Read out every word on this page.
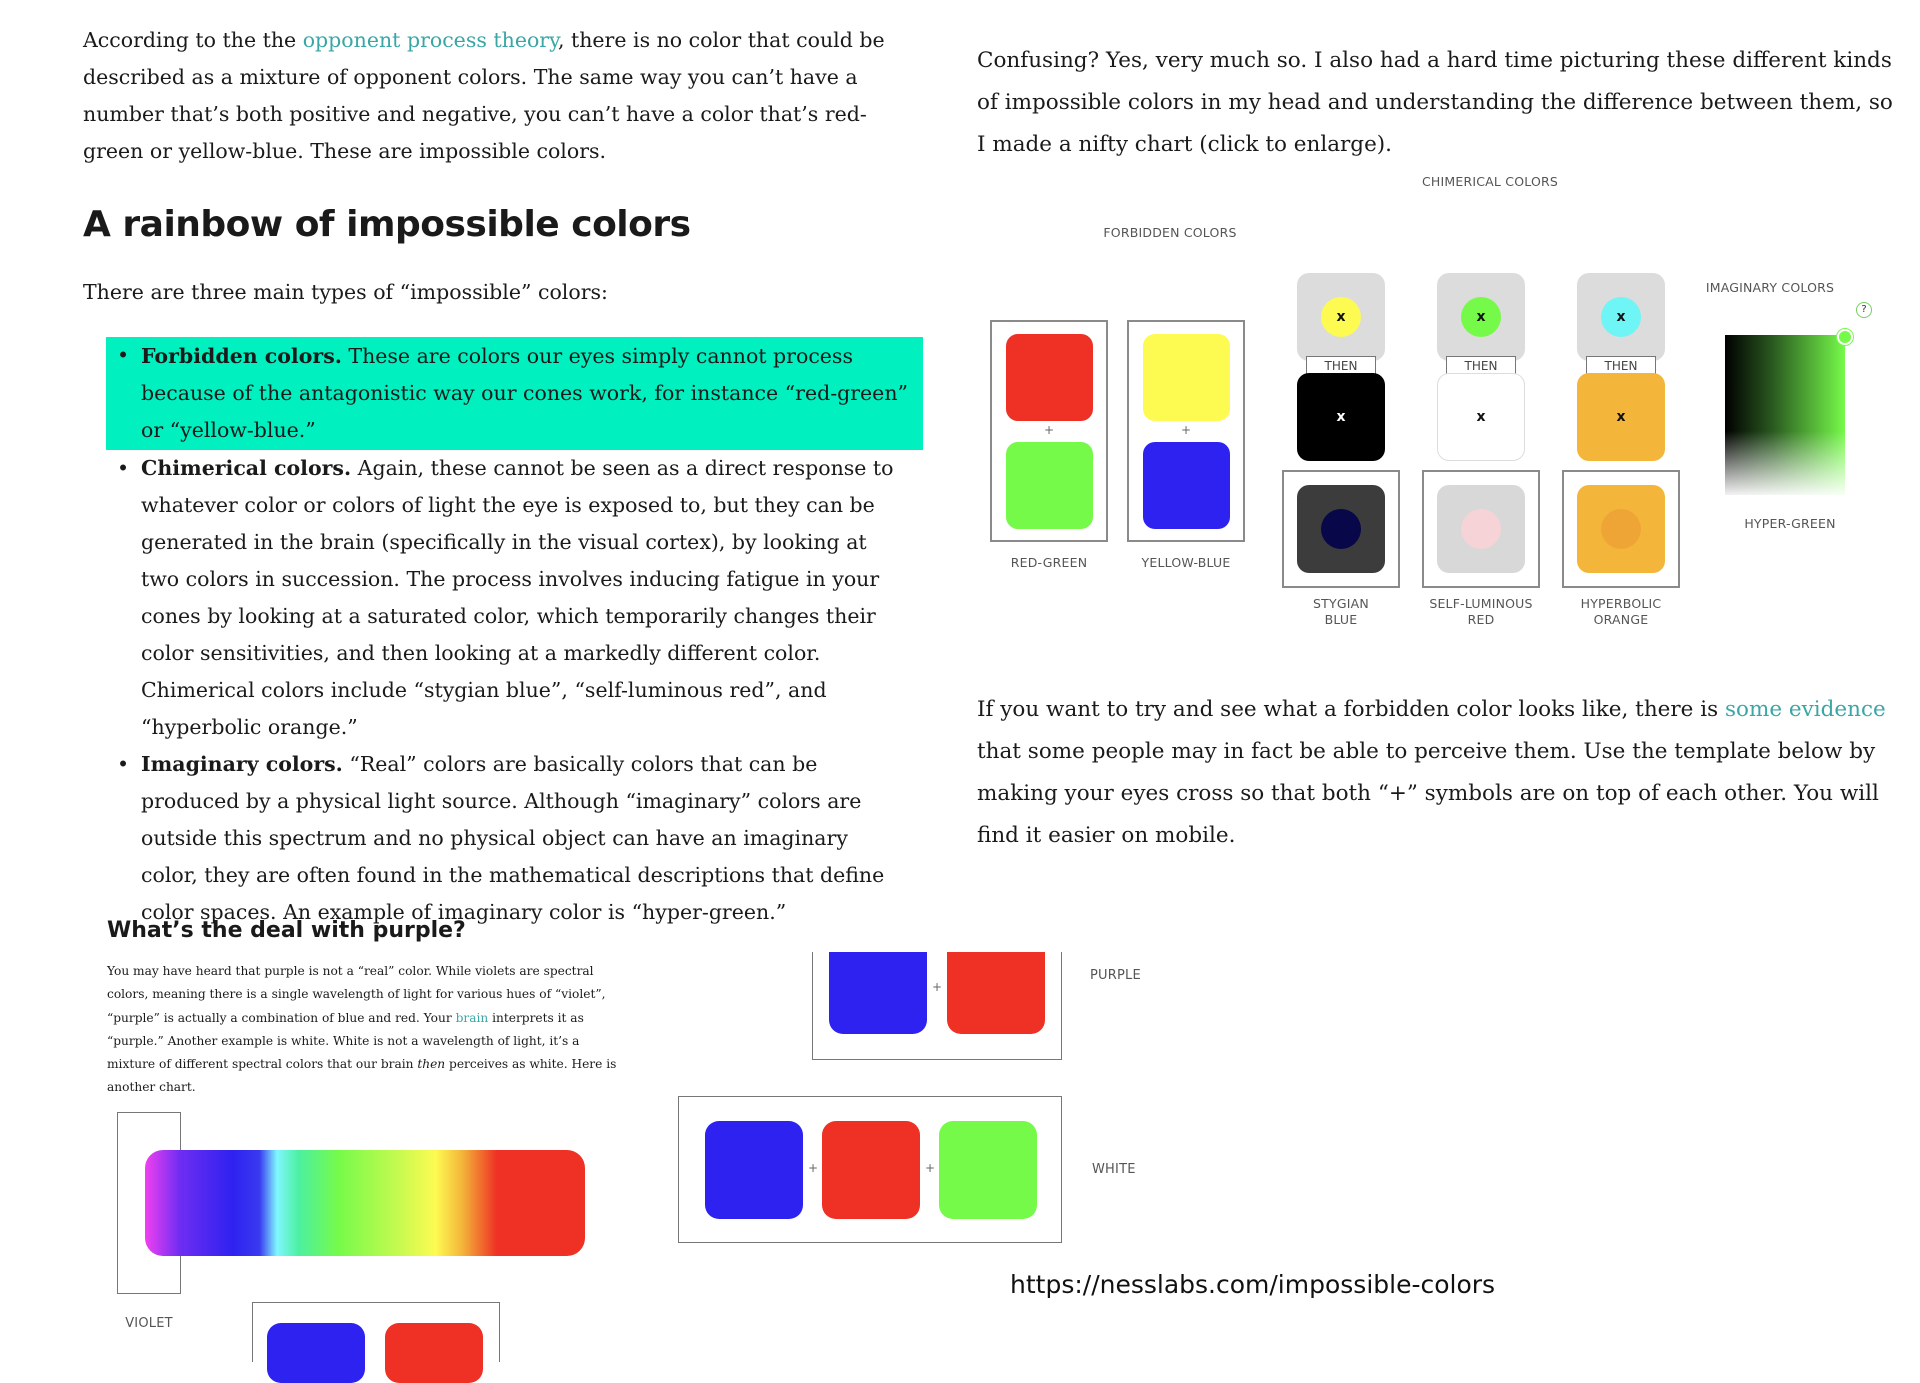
According to the the opponent process theory, there is no color that could be described as a mixture of opponent colors. The same way you can’t have a number that’s both positive and negative, you can’t have a color that’s red-green or yellow-blue. These are impossible colors.

A rainbow of impossible colors

There are three main types of “impossible” colors:

• Forbidden colors. These are colors our eyes simply cannot process because of the antagonistic way our cones work, for instance “red-green” or “yellow-blue.”
• Chimerical colors. Again, these cannot be seen as a direct response to whatever color or colors of light the eye is exposed to, but they can be generated in the brain (specifically in the visual cortex), by looking at two colors in succession. The process involves inducing fatigue in your cones by looking at a saturated color, which temporarily changes their color sensitivities, and then looking at a markedly different color. Chimerical colors include “stygian blue”, “self-luminous red”, and “hyperbolic orange.”
• Imaginary colors. “Real” colors are basically colors that can be produced by a physical light source. Although “imaginary” colors are outside this spectrum and no physical object can have an imaginary color, they are often found in the mathematical descriptions that define color spaces. An example of imaginary color is “hyper-green.”

Confusing? Yes, very much so. I also had a hard time picturing these different kinds of impossible colors in my head and understanding the difference between them, so I made a nifty chart (click to enlarge).

FORBIDDEN COLORS
CHIMERICAL COLORS
IMAGINARY COLORS
+
RED-GREEN
+
YELLOW-BLUE
x
THEN
x
STYGIAN
BLUE
x
THEN
x
SELF-LUMINOUS
RED
x
THEN
x
HYPERBOLIC
ORANGE
?
HYPER-GREEN

If you want to try and see what a forbidden color looks like, there is some evidence that some people may in fact be able to perceive them. Use the template below by making your eyes cross so that both “+” symbols are on top of each other. You will find it easier on mobile.

What’s the deal with purple?

You may have heard that purple is not a “real” color. While violets are spectral colors, meaning there is a single wavelength of light for various hues of “violet”, “purple” is actually a combination of blue and red. Your brain interprets it as “purple.” Another example is white. White is not a wavelength of light, it’s a mixture of different spectral colors that our brain then perceives as white. Here is another chart.

VIOLET
+
PURPLE
+	+	WHITE
https://nesslabs.com/impossible-colors
